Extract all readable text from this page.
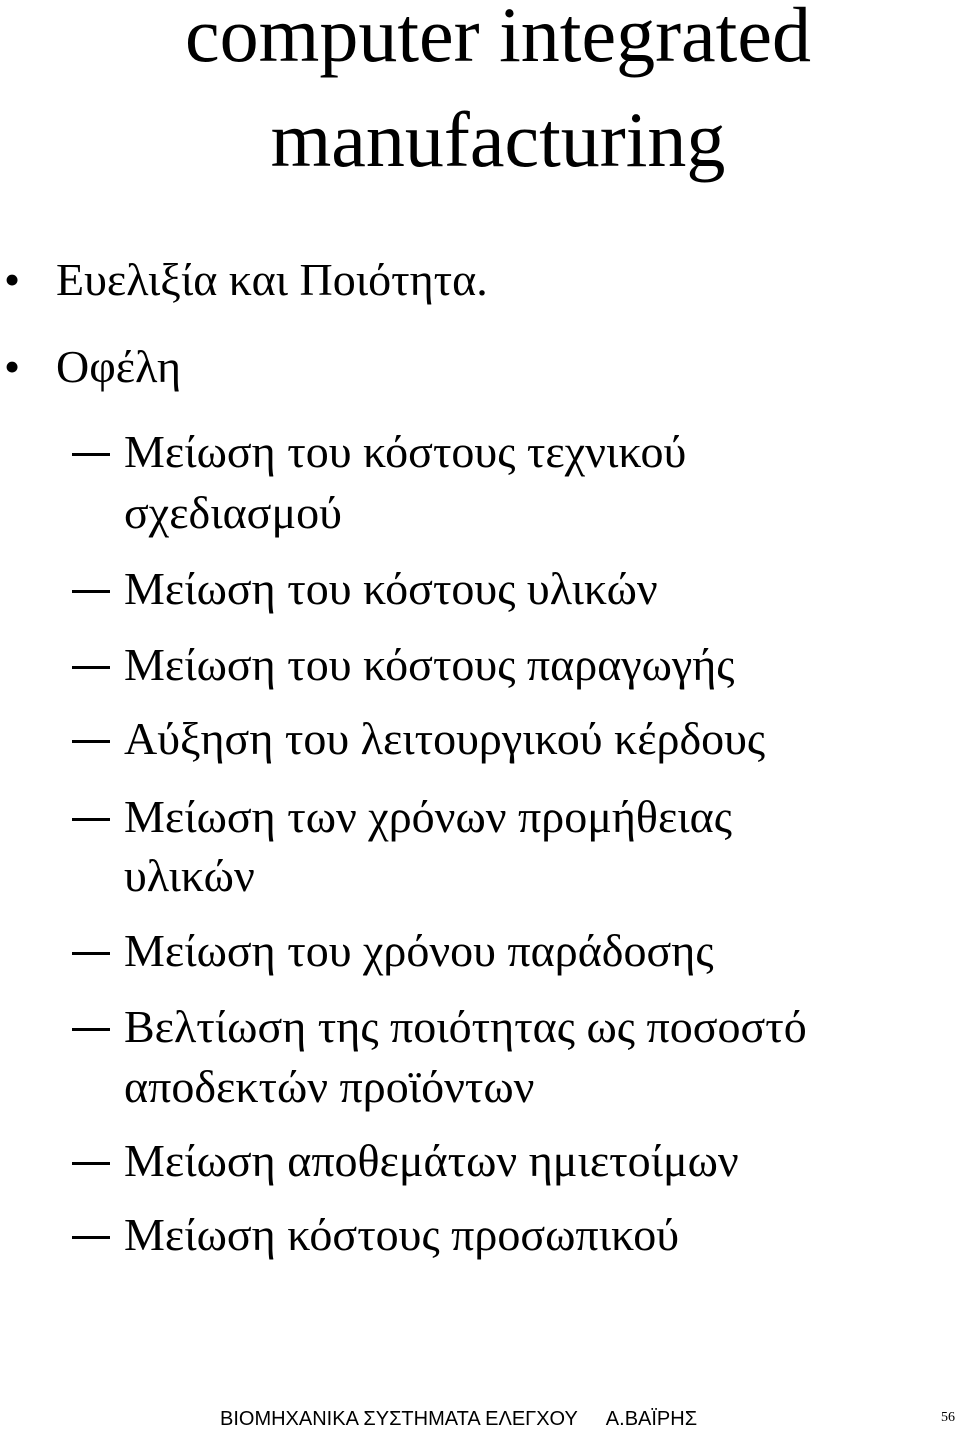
computer integrated
manufacturing
• Ευελιξία και Ποιότητα.
• Οφέλη
Μείωση του κόστους τεχνικού
σχεδιασμού
Μείωση του κόστους υλικών
Μείωση του κόστους παραγωγής
Αύξηση του λειτουργικού κέρδους
Μείωση των χρόνων προμήθειας
υλικών
Μείωση του χρόνου παράδοσης
Βελτίωση της ποιότητας ως ποσοστό
αποδεκτών προϊόντων
Μείωση αποθεμάτων ημιετοίμων
Μείωση κόστους προσωπικού
ΒΙΟΜΗΧΑΝΙΚΑ ΣΥΣΤΗΜΑΤΑ ΕΛΕΓΧΟΥ Α.ΒΑΪΡΗΣ	56
